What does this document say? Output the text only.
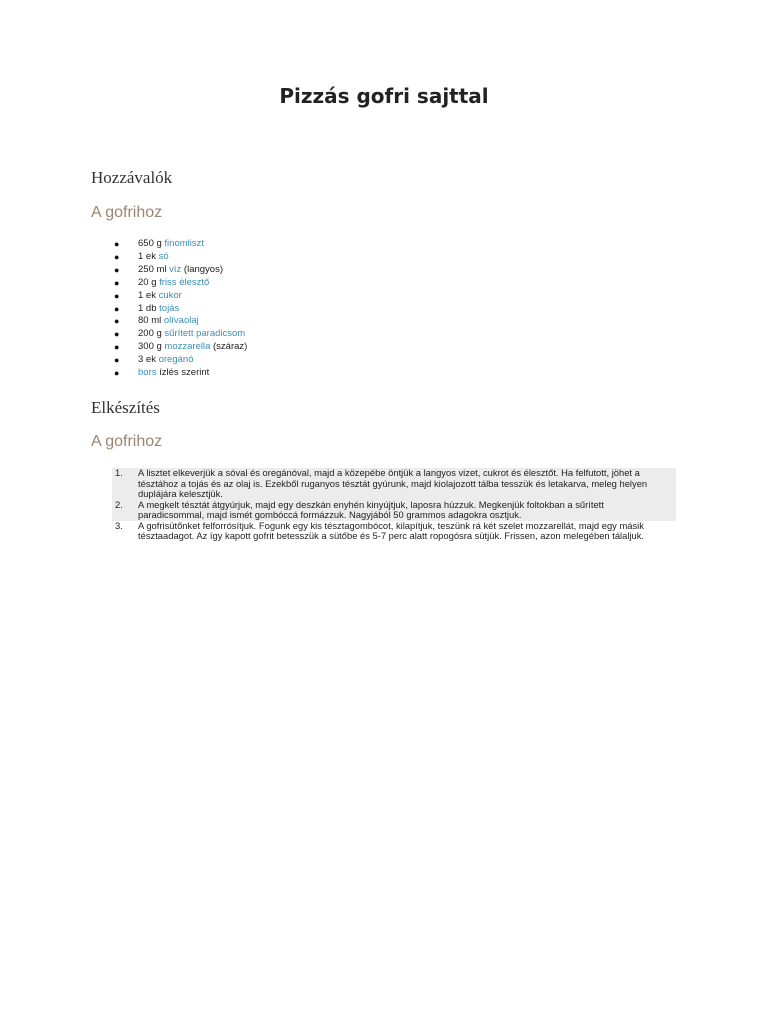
Pizzás gofri sajttal
Hozzávalók
A gofrihoz
● 650 g finomliszt
● 1 ek só
● 250 ml víz (langyos)
● 20 g friss élesztő
● 1 ek cukor
● 1 db tojás
● 80 ml olívaolaj
● 200 g sűrített paradicsom
● 300 g mozzarella (száraz)
● 3 ek oregánó
● bors ízlés szerint
Elkészítés
A gofrihoz
1. A lisztet elkeverjük a sóval és oregánóval, majd a közepébe öntjük a langyos vizet, cukrot és élesztőt. Ha felfutott, jöhet a tésztához a tojás és az olaj is. Ezekből ruganyos tésztát gyúrunk, majd kiolajozott tálba tesszük és letakarva, meleg helyen duplájára kelesztjük.
2. A megkelt tésztát átgyúrjuk, majd egy deszkán enyhén kinyújtjuk, laposra húzzuk. Megkenjük foltokban a sűrített paradicsommal, majd ismét gombóccá formázzuk. Nagyjából 50 grammos adagokra osztjuk.
3. A gofrisütőnket felforrósítjuk. Fogunk egy kis tésztagombócot, kilapítjuk, teszünk rá két szelet mozzarellát, majd egy másik tésztaadagot. Az így kapott gofrit betesszük a sütőbe és 5-7 perc alatt ropogósra sütjük. Frissen, azon melegében tálaljuk.
